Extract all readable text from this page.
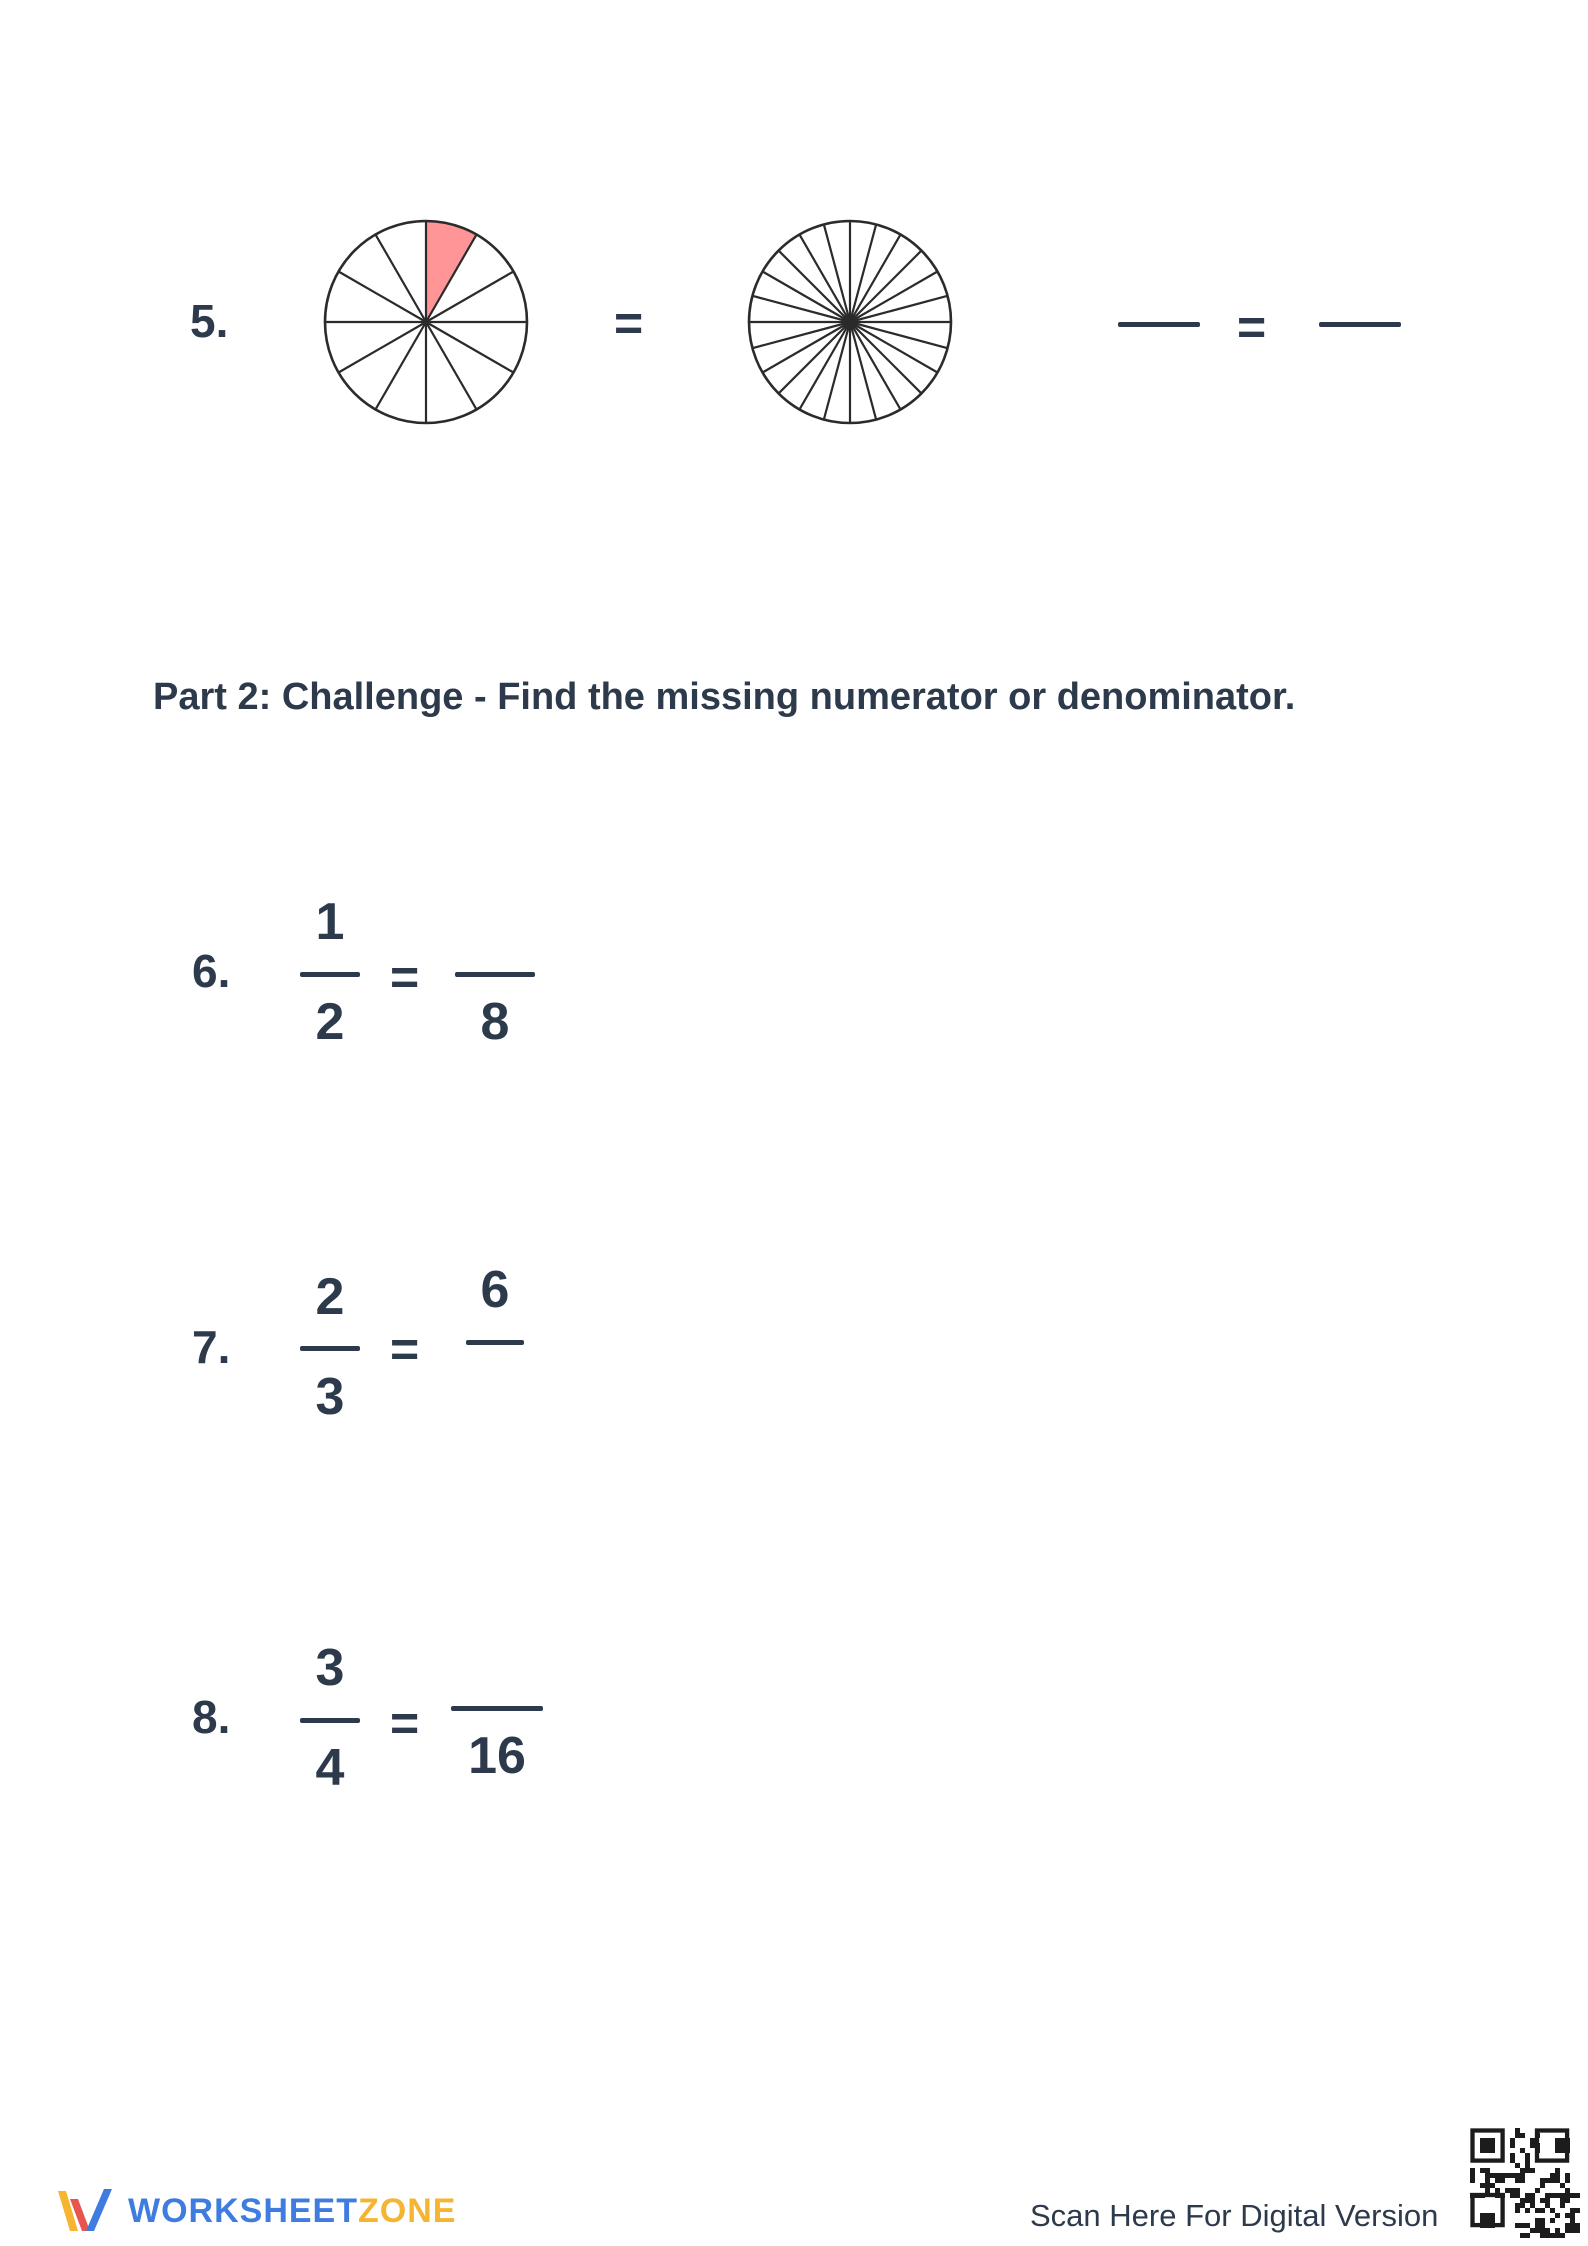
5.	=	=
Part 2: Challenge - Find the missing numerator or denominator.
6.
1
2
=
8
7.
2
3
=
6
8.
3
4
=
16
WORKSHEETZONE	Scan Here For Digital Version
